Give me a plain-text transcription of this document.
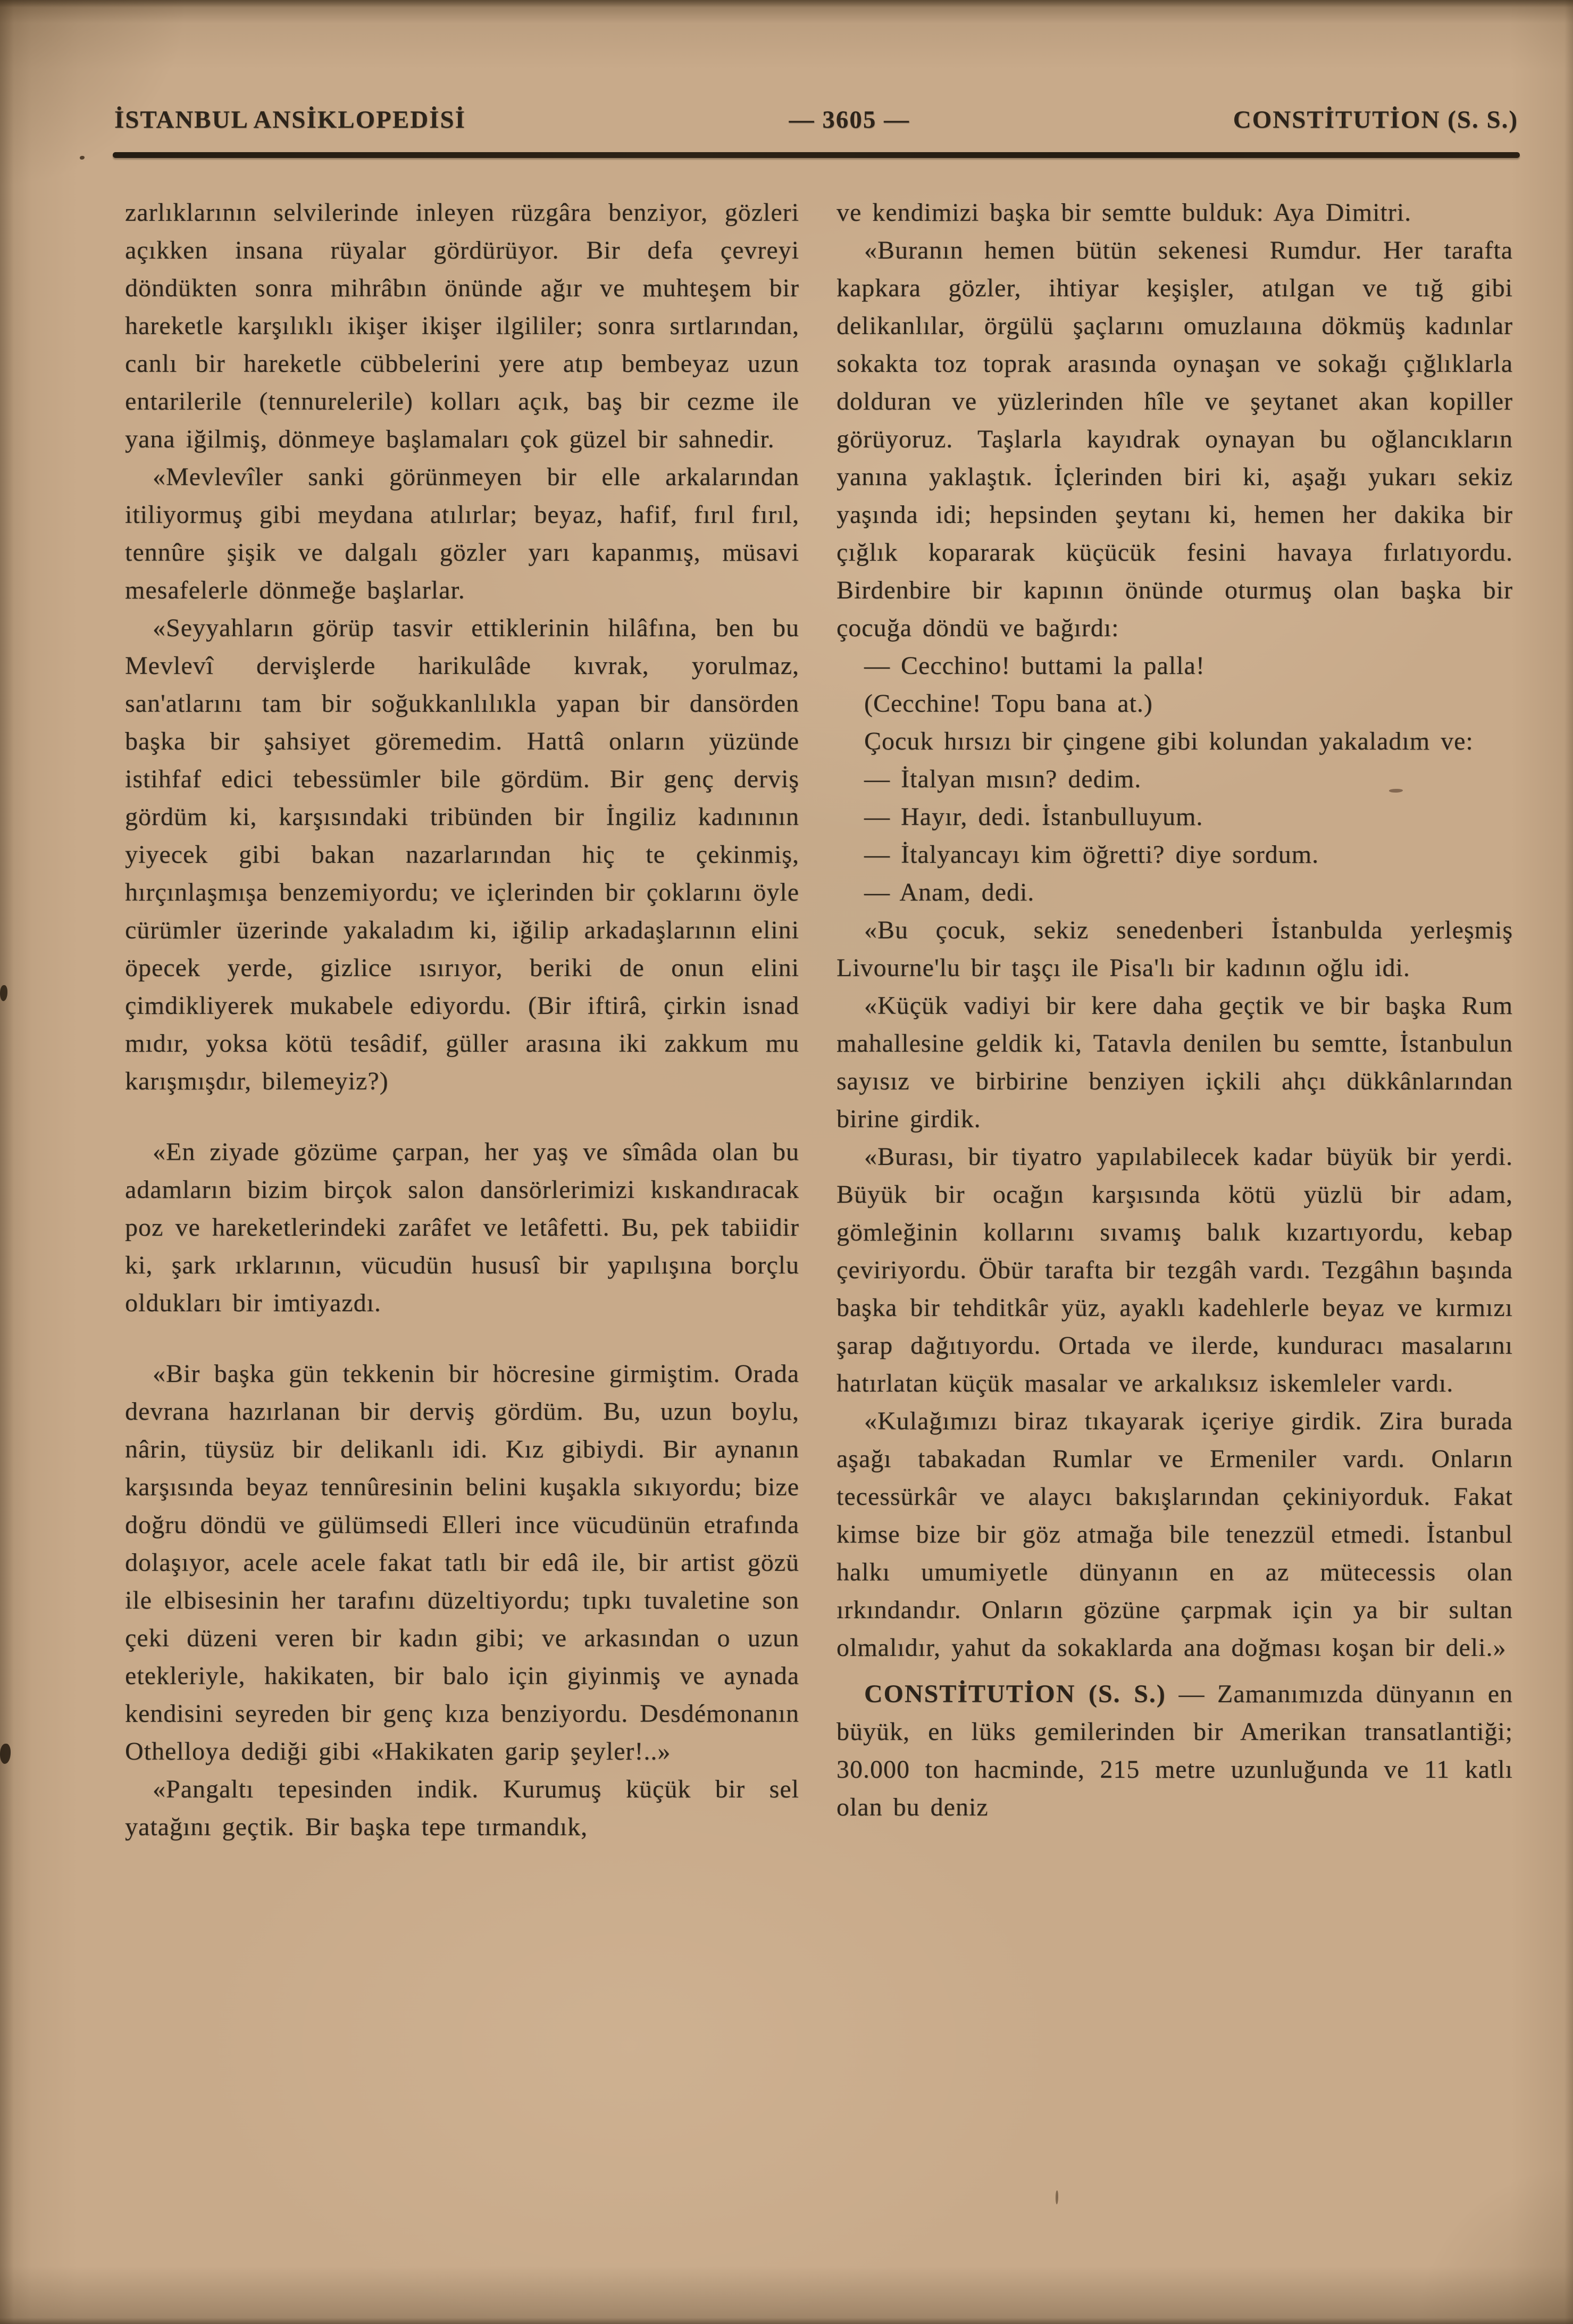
İSTANBUL ANSİKLOPEDİSİ	— 3605 —	CONSTİTUTİON (S. S.)

zarlıklarının selvilerinde inleyen rüzgâra benziyor, gözleri açıkken insana rüyalar gördürüyor. Bir defa çevreyi döndükten sonra mihrâbın önünde ağır ve muhteşem bir hareketle karşılıklı ikişer ikişer ilgililer; sonra sırtlarından, canlı bir hareketle cübbelerini yere atıp bembeyaz uzun entarilerile (tennurelerile) kolları açık, baş bir cezme ile yana iğilmiş, dönmeye başlamaları çok güzel bir sahnedir.

«Mevlevîler sanki görünmeyen bir elle arkalarından itiliyormuş gibi meydana atılırlar; beyaz, hafif, fırıl fırıl, tennûre şişik ve dalgalı gözler yarı kapanmış, müsavi mesafelerle dönmeğe başlarlar.

«Seyyahların görüp tasvir ettiklerinin hilâfına, ben bu Mevlevî dervişlerde harikulâde kıvrak, yorulmaz, san'atlarını tam bir soğukkanlılıkla yapan bir dansörden başka bir şahsiyet göremedim. Hattâ onların yüzünde istihfaf edici tebessümler bile gördüm. Bir genç derviş gördüm ki, karşısındaki tribünden bir İngiliz kadınının yiyecek gibi bakan nazarlarından hiç te çekinmiş, hırçınlaşmışa benzemiyordu; ve içlerinden bir çoklarını öyle cürümler üzerinde yakaladım ki, iğilip arkadaşlarının elini öpecek yerde, gizlice ısırıyor, beriki de onun elini çimdikliyerek mukabele ediyordu. (Bir iftirâ, çirkin isnad mıdır, yoksa kötü tesâdif, güller arasına iki zakkum mu karışmışdır, bilemeyiz?)

«En ziyade gözüme çarpan, her yaş ve sîmâda olan bu adamların bizim birçok salon dansörlerimizi kıskandıracak poz ve hareketlerindeki zarâfet ve letâfetti. Bu, pek tabiidir ki, şark ırklarının, vücudün hususî bir yapılışına borçlu oldukları bir imtiyazdı.

«Bir başka gün tekkenin bir höcresine girmiştim. Orada devrana hazırlanan bir derviş gördüm. Bu, uzun boylu, nârin, tüysüz bir delikanlı idi. Kız gibiydi. Bir aynanın karşısında beyaz tennûresinin belini kuşakla sıkıyordu; bize doğru döndü ve gülümsedi Elleri ince vücudünün etrafında dolaşıyor, acele acele fakat tatlı bir edâ ile, bir artist gözü ile elbisesinin her tarafını düzeltiyordu; tıpkı tuvaletine son çeki düzeni veren bir kadın gibi; ve arkasından o uzun etekleriyle, hakikaten, bir balo için giyinmiş ve aynada kendisini seyreden bir genç kıza benziyordu. Desdémonanın Othelloya dediği gibi «Hakikaten garip şeyler!..»

«Pangaltı tepesinden indik. Kurumuş küçük bir sel yatağını geçtik. Bir başka tepe tırmandık,

ve kendimizi başka bir semtte bulduk: Aya Dimitri.

«Buranın hemen bütün sekenesi Rumdur. Her tarafta kapkara gözler, ihtiyar keşişler, atılgan ve tığ gibi delikanlılar, örgülü şaçlarını omuzlaıına dökmüş kadınlar sokakta toz toprak arasında oynaşan ve sokağı çığlıklarla dolduran ve yüzlerinden hîle ve şeytanet akan kopiller görüyoruz. Taşlarla kayıdrak oynayan bu oğlancıkların yanına yaklaştık. İçlerinden biri ki, aşağı yukarı sekiz yaşında idi; hepsinden şeytanı ki, hemen her dakika bir çığlık kopararak küçücük fesini havaya fırlatıyordu. Birdenbire bir kapının önünde oturmuş olan başka bir çocuğa döndü ve bağırdı:

— Cecchino! buttami la palla!

(Cecchine! Topu bana at.)

Çocuk hırsızı bir çingene gibi kolundan yakaladım ve:

— İtalyan mısın? dedim.

— Hayır, dedi. İstanbulluyum.

— İtalyancayı kim öğretti? diye sordum.

— Anam, dedi.

«Bu çocuk, sekiz senedenberi İstanbulda yerleşmiş Livourne'lu bir taşçı ile Pisa'lı bir kadının oğlu idi.

«Küçük vadiyi bir kere daha geçtik ve bir başka Rum mahallesine geldik ki, Tatavla denilen bu semtte, İstanbulun sayısız ve birbirine benziyen içkili ahçı dükkânlarından birine girdik.

«Burası, bir tiyatro yapılabilecek kadar büyük bir yerdi. Büyük bir ocağın karşısında kötü yüzlü bir adam, gömleğinin kollarını sıvamış balık kızartıyordu, kebap çeviriyordu. Öbür tarafta bir tezgâh vardı. Tezgâhın başında başka bir tehditkâr yüz, ayaklı kadehlerle beyaz ve kırmızı şarap dağıtıyordu. Ortada ve ilerde, kunduracı masalarını hatırlatan küçük masalar ve arkalıksız iskemleler vardı.

«Kulağımızı biraz tıkayarak içeriye girdik. Zira burada aşağı tabakadan Rumlar ve Ermeniler vardı. Onların tecessürkâr ve alaycı bakışlarından çekiniyorduk. Fakat kimse bize bir göz atmağa bile tenezzül etmedi. İstanbul halkı umumiyetle dünyanın en az mütecessis olan ırkındandır. Onların gözüne çarpmak için ya bir sultan olmalıdır, yahut da sokaklarda ana doğması koşan bir deli.»

CONSTİTUTİON (S. S.) — Zamanımızda dünyanın en büyük, en lüks gemilerinden bir Amerikan transatlantiği; 30.000 ton hacminde, 215 metre uzunluğunda ve 11 katlı olan bu deniz
